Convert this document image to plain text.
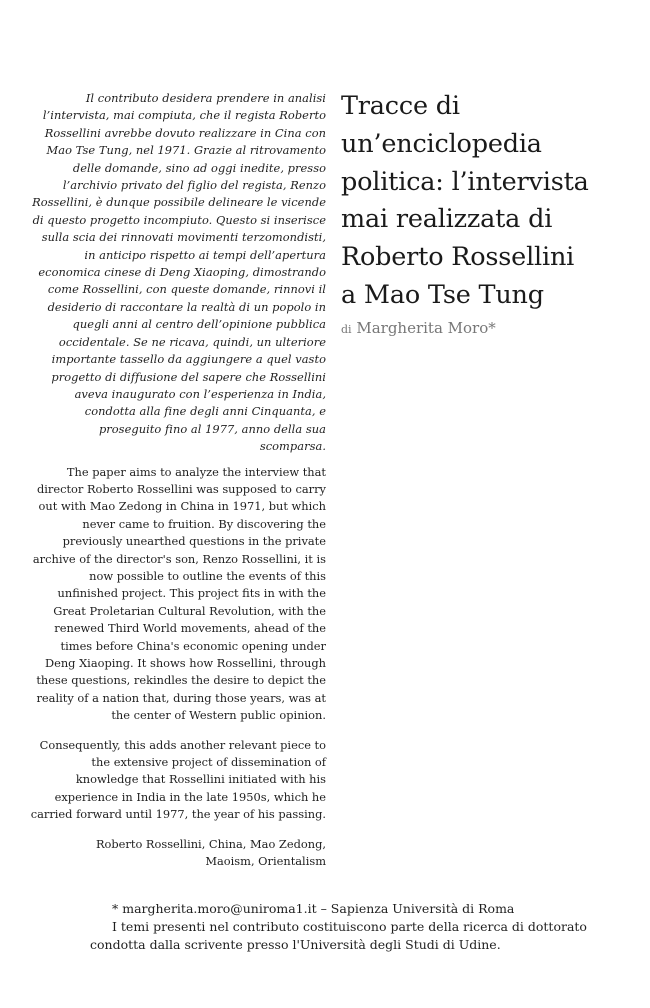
Il contributo desidera prendere in analisi l’intervista, mai compiuta, che il regista Roberto Rossellini avrebbe dovuto realizzare in Cina con Mao Tse Tung, nel 1971. Grazie al ritrovamento delle domande, sino ad oggi inedite, presso l’archivio privato del figlio del regista, Renzo Rossellini, è dunque possibile delineare le vicende di questo progetto incompiuto. Questo si inserisce sulla scia dei rinnovati movimenti terzomondisti, in anticipo rispetto ai tempi dell’apertura economica cinese di Deng Xiaoping, dimostrando come Rossellini, con queste domande, rinnovi il desiderio di raccontare la realtà di un popolo in quegli anni al centro dell’opinione pubblica occidentale. Se ne ricava, quindi, un ulteriore importante tassello da aggiungere a quel vasto progetto di diffusione del sapere che Rossellini aveva inaugurato con l’esperienza in India, condotta alla fine degli anni Cinquanta, e proseguito fino al 1977, anno della sua scomparsa.

The paper aims to analyze the interview that director Roberto Rossellini was supposed to carry out with Mao Zedong in China in 1971, but which never came to fruition. By discovering the previously unearthed questions in the private archive of the director's son, Renzo Rossellini, it is now possible to outline the events of this unfinished project. This project fits in with the Great Proletarian Cultural Revolution, with the renewed Third World movements, ahead of the times before China's economic opening under Deng Xiaoping. It shows how Rossellini, through these questions, rekindles the desire to depict the reality of a nation that, during those years, was at the center of Western public opinion.

Consequently, this adds another relevant piece to the extensive project of dissemination of knowledge that Rossellini initiated with his experience in India in the late 1950s, which he carried forward until 1977, the year of his passing.

Roberto Rossellini, China, Mao Zedong,
Maoism, Orientalism

Tracce di
un’enciclopedia
politica: l’intervista
mai realizzata di
Roberto Rossellini
a Mao Tse Tung
di Margherita Moro*

* margherita.moro@uniroma1.it – Sapienza Università di Roma

I temi presenti nel contributo costituiscono parte della ricerca di dottorato condotta dalla scrivente presso l'Università degli Studi di Udine.
